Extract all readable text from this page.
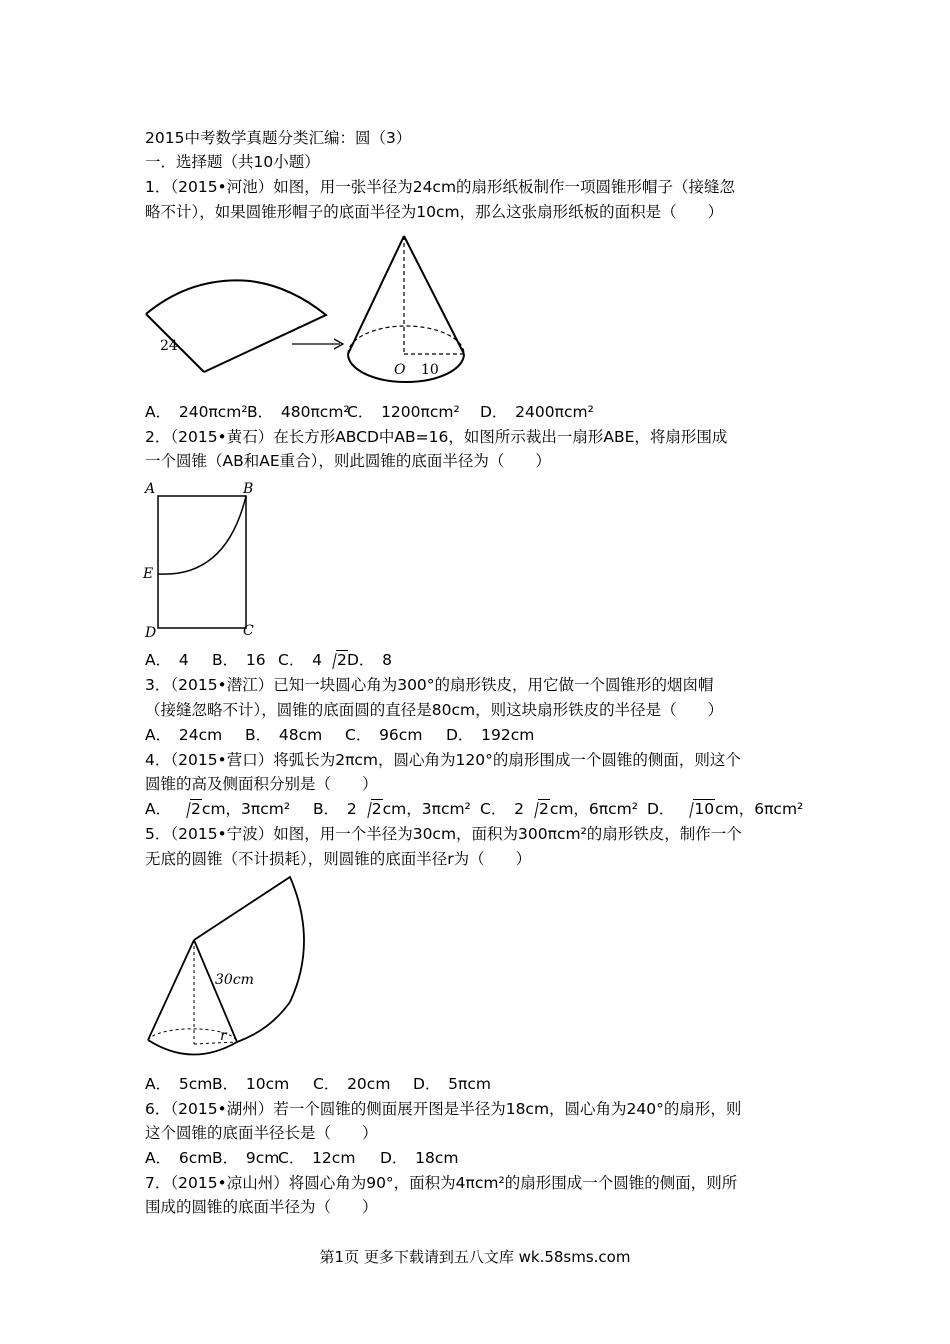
2015中考数学真题分类汇编：圆（3）
一．选择题（共10小题）
1．（2015•河池）如图，用一张半径为24cm的扇形纸板制作一项圆锥形帽子（接缝忽
略不计），如果圆锥形帽子的底面半径为10cm，那么这张扇形纸板的面积是（　　）
24
O 10
A．　240πcm² B．　480πcm²
C．　1200πcm² D．　2400πcm²
2．（2015•黄石）在长方形ABCD中AB=16，如图所示裁出一扇形ABE，将扇形围成
一个圆锥（AB和AE重合），则此圆锥的底面半径为（　　）
A	B
C
D
E
A．　4 B．　16 C．　4 2 D．　8
3．（2015•潜江）已知一块圆心角为300°的扇形铁皮，用它做一个圆锥形的烟囱帽
（接缝忽略不计），圆锥的底面圆的直径是80cm，则这块扇形铁皮的半径是（　　）
A．　24cm B．　48cm C．　96cm D．　192cm
4．（2015•营口）将弧长为2πcm，圆心角为120°的扇形围成一个圆锥的侧面，则这个
圆锥的高及侧面积分别是（　　）
A． 2cm，3πcm² B．　2 2cm，3πcm² C．　2 2cm，6πcm² D． 10cm，6πcm²
5．（2015•宁波）如图，用一个半径为30cm，面积为300πcm²的扇形铁皮，制作一个
无底的圆锥（不计损耗），则圆锥的底面半径r为（　　）
30cm
r
A．　5cm B．　10cm C．　20cm D．　5πcm
6．（2015•湖州）若一个圆锥的侧面展开图是半径为18cm，圆心角为240°的扇形，则
这个圆锥的底面半径长是（　　）
A．　6cm B．　9cm
C．　12cm D．　18cm
7．（2015•凉山州）将圆心角为90°，面积为4πcm²的扇形围成一个圆锥的侧面，则所
围成的圆锥的底面半径为（　　）
第1页 更多下载请到五八文库 wk.58sms.com
